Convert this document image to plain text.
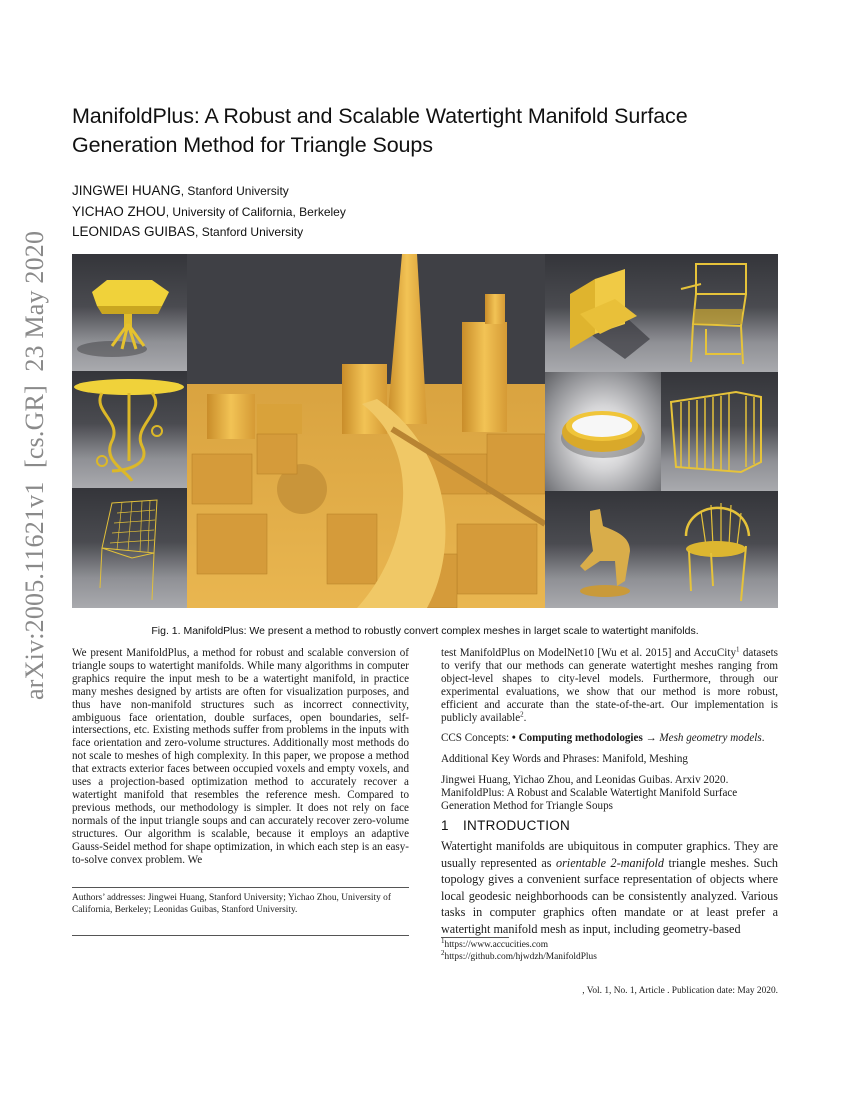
arXiv:2005.11621v1  [cs.GR]  23 May 2020
ManifoldPlus: A Robust and Scalable Watertight Manifold Surface Generation Method for Triangle Soups
JINGWEI HUANG, Stanford University
YICHAO ZHOU, University of California, Berkeley
LEONIDAS GUIBAS, Stanford University
Fig. 1. ManifoldPlus: We present a method to robustly convert complex meshes in larget scale to watertight manifolds.

We present ManifoldPlus, a method for robust and scalable conversion of triangle soups to watertight manifolds. While many algorithms in computer graphics require the input mesh to be a watertight manifold, in practice many meshes designed by artists are often for visualization purposes, and thus have non-manifold structures such as incorrect connectivity, ambiguous face orientation, double surfaces, open boundaries, self-intersections, etc. Existing methods suffer from problems in the inputs with face orientation and zero-volume structures. Additionally most methods do not scale to meshes of high complexity. In this paper, we propose a method that extracts exterior faces between occupied voxels and empty voxels, and uses a projection-based optimization method to accurately recover a watertight manifold that resembles the reference mesh. Compared to previous methods, our methodology is simpler. It does not rely on face normals of the input triangle soups and can accurately recover zero-volume structures. Our algorithm is scalable, because it employs an adaptive Gauss-Seidel method for shape optimization, in which each step is an easy-to-solve convex problem. We

Authors’ addresses: Jingwei Huang, Stanford University; Yichao Zhou, University of California, Berkeley; Leonidas Guibas, Stanford University.

test ManifoldPlus on ModelNet10 [Wu et al. 2015] and AccuCity$^1$ datasets to verify that our methods can generate watertight meshes ranging from object-level shapes to city-level models. Furthermore, through our experimental evaluations, we show that our method is more robust, efficient and accurate than the state-of-the-art. Our implementation is publicly available$^2$.

CCS Concepts: • Computing methodologies → Mesh geometry models.

Additional Key Words and Phrases: Manifold, Meshing

Jingwei Huang, Yichao Zhou, and Leonidas Guibas. Arxiv 2020. ManifoldPlus: A Robust and Scalable Watertight Manifold Surface Generation Method for Triangle Soups

1 INTRODUCTION
Watertight manifolds are ubiquitous in computer graphics. They are usually represented as orientable 2-manifold triangle meshes. Such topology gives a convenient surface representation of objects where local geodesic neighborhoods can be consistently analyzed. Various tasks in computer graphics often mandate or at least prefer a watertight manifold mesh as input, including geometry-based
$^1$https://www.accucities.com
$^2$https://github.com/hjwdzh/ManifoldPlus
, Vol. 1, No. 1, Article . Publication date: May 2020.
